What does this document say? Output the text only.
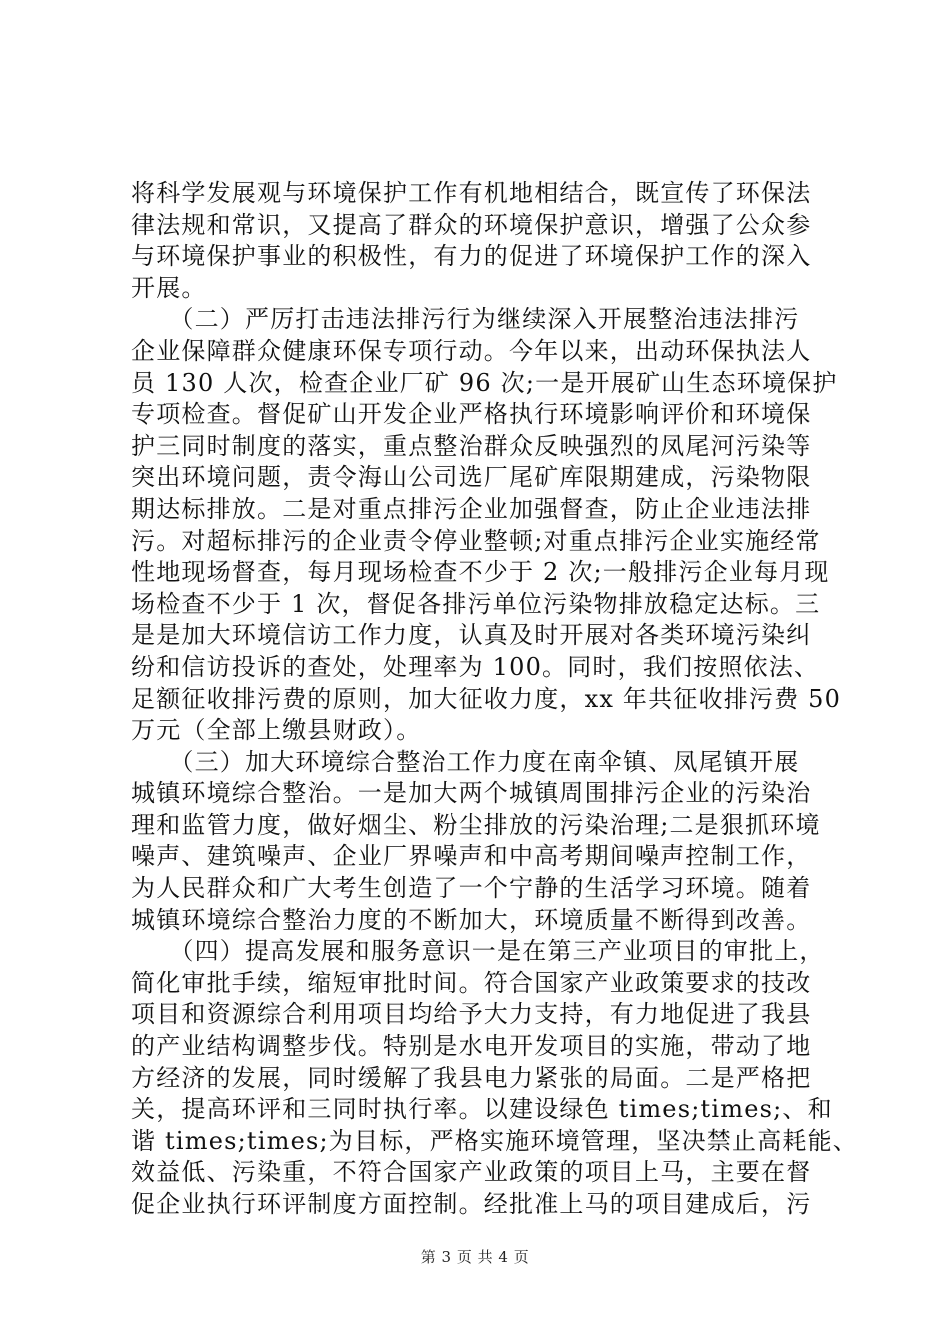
将科学发展观与环境保护工作有机地相结合，既宣传了环保法
律法规和常识，又提高了群众的环境保护意识，增强了公众参
与环境保护事业的积极性，有力的促进了环境保护工作的深入
开展。
　　（二）严厉打击违法排污行为继续深入开展整治违法排污
企业保障群众健康环保专项行动。今年以来，出动环保执法人
员 130 人次，检查企业厂矿 96 次;一是开展矿山生态环境保护
专项检查。督促矿山开发企业严格执行环境影响评价和环境保
护三同时制度的落实，重点整治群众反映强烈的凤尾河污染等
突出环境问题，责令海山公司选厂尾矿库限期建成，污染物限
期达标排放。二是对重点排污企业加强督查，防止企业违法排
污。对超标排污的企业责令停业整顿;对重点排污企业实施经常
性地现场督查，每月现场检查不少于 2 次;一般排污企业每月现
场检查不少于 1 次，督促各排污单位污染物排放稳定达标。三
是是加大环境信访工作力度，认真及时开展对各类环境污染纠
纷和信访投诉的查处，处理率为 100。同时，我们按照依法、
足额征收排污费的原则，加大征收力度，xx 年共征收排污费 50
万元（全部上缴县财政）。
　　（三）加大环境综合整治工作力度在南伞镇、凤尾镇开展
城镇环境综合整治。一是加大两个城镇周围排污企业的污染治
理和监管力度，做好烟尘、粉尘排放的污染治理;二是狠抓环境
噪声、建筑噪声、企业厂界噪声和中高考期间噪声控制工作，
为人民群众和广大考生创造了一个宁静的生活学习环境。随着
城镇环境综合整治力度的不断加大，环境质量不断得到改善。
　　（四）提高发展和服务意识一是在第三产业项目的审批上，
简化审批手续，缩短审批时间。符合国家产业政策要求的技改
项目和资源综合利用项目均给予大力支持，有力地促进了我县
的产业结构调整步伐。特别是水电开发项目的实施，带动了地
方经济的发展，同时缓解了我县电力紧张的局面。二是严格把
关，提高环评和三同时执行率。以建设绿色 times;times;、和
谐 times;times;为目标，严格实施环境管理，坚决禁止高耗能、
效益低、污染重，不符合国家产业政策的项目上马，主要在督
促企业执行环评制度方面控制。经批准上马的项目建成后，污
第 3 页 共 4 页
